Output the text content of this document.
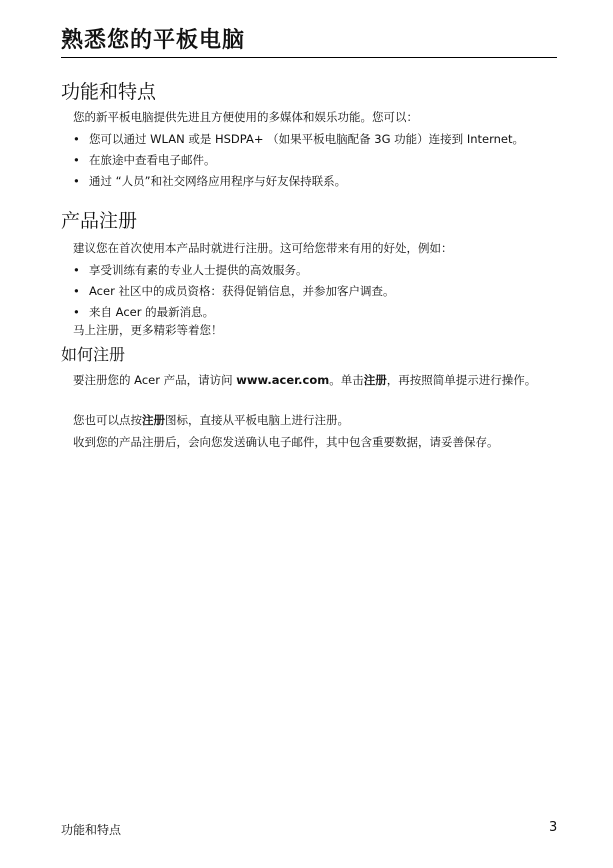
熟悉您的平板电脑
功能和特点
您的新平板电脑提供先进且方便使用的多媒体和娱乐功能。您可以：
• 您可以通过 WLAN 或是 HSDPA+ （如果平板电脑配备 3G 功能）连接到 Internet。
• 在旅途中查看电子邮件。
• 通过 “人员”和社交网络应用程序与好友保持联系。
产品注册
建议您在首次使用本产品时就进行注册。这可给您带来有用的好处，例如：
• 享受训练有素的专业人士提供的高效服务。
• Acer 社区中的成员资格：获得促销信息，并参加客户调查。
• 来自 Acer 的最新消息。
马上注册，更多精彩等着您！
如何注册
要注册您的 Acer 产品，请访问 www.acer.com。单击注册，再按照简单提示进行操作。
您也可以点按注册图标，直接从平板电脑上进行注册。
收到您的产品注册后，会向您发送确认电子邮件，其中包含重要数据，请妥善保存。
功能和特点	3
